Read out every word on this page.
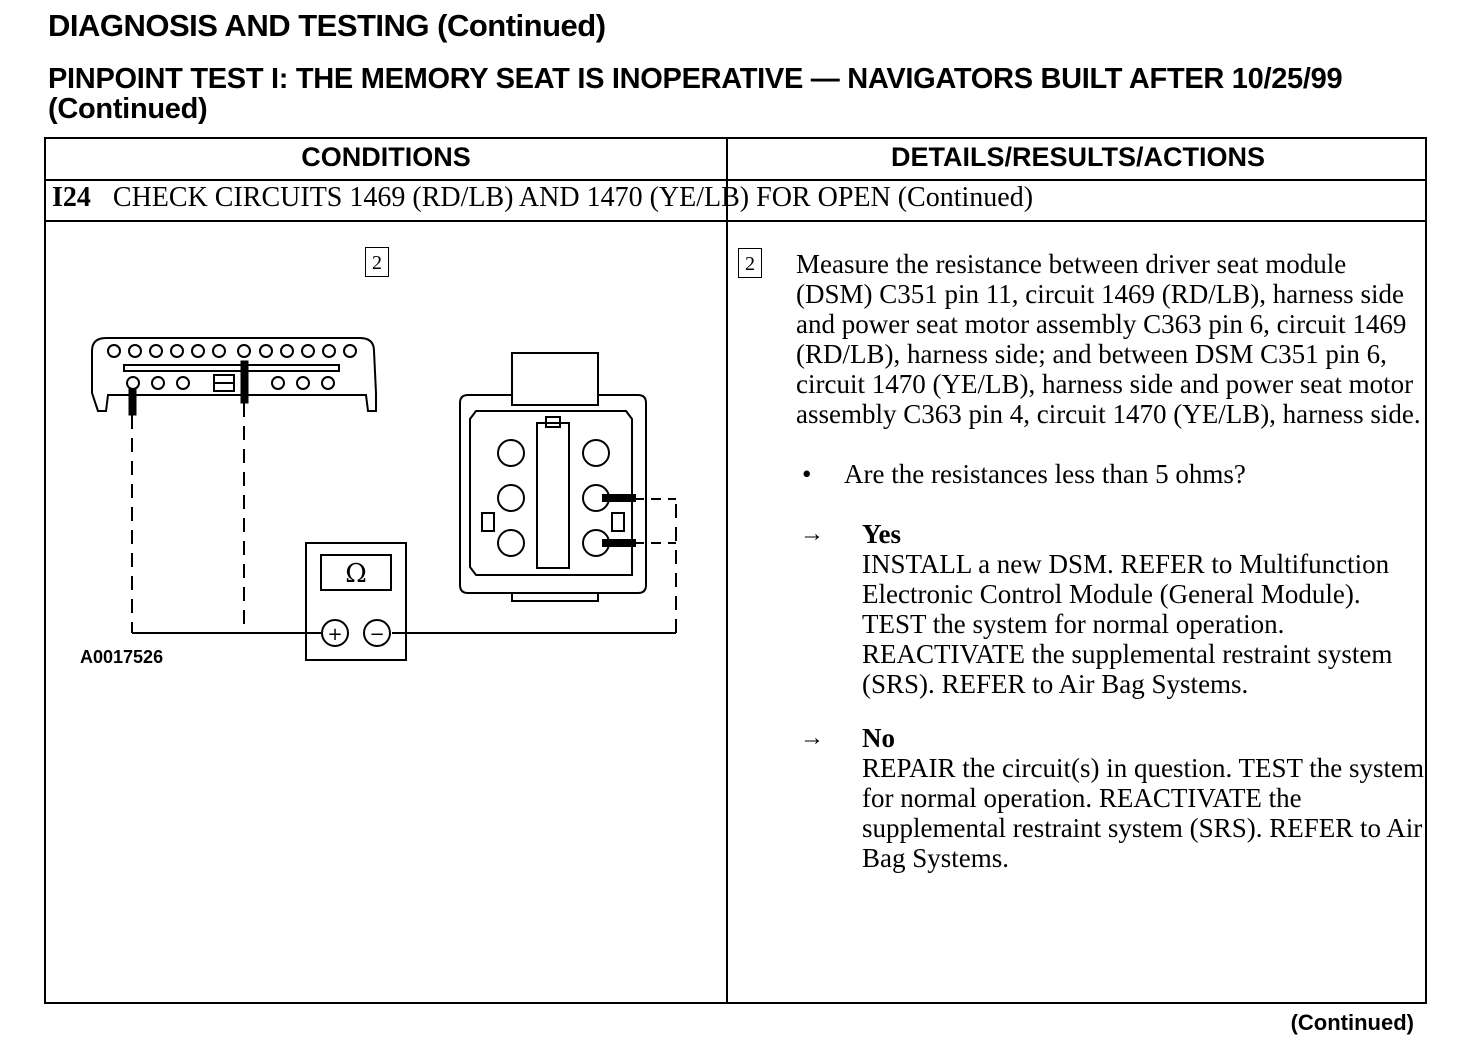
DIAGNOSIS AND TESTING (Continued)
PINPOINT TEST I: THE MEMORY SEAT IS INOPERATIVE — NAVIGATORS BUILT AFTER 10/25/99 (Continued)
CONDITIONS	DETAILS/RESULTS/ACTIONS
I24 CHECK CIRCUITS 1469 (RD/LB) AND 1470 (YE/LB) FOR OPEN (Continued)
2
Ω
+ −
A0017526
2 Measure the resistance between driver seat module (DSM) C351 pin 11, circuit 1469 (RD/LB), harness side and power seat motor assembly C363 pin 6, circuit 1469 (RD/LB), harness side; and between DSM C351 pin 6, circuit 1470 (YE/LB), harness side and power seat motor assembly C363 pin 4, circuit 1470 (YE/LB), harness side.

•	Are the resistances less than 5 ohms?
→	Yes
INSTALL a new DSM. REFER to Multifunction Electronic Control Module (General Module). TEST the system for normal operation. REACTIVATE the supplemental restraint system (SRS). REFER to Air Bag Systems.
→	No
REPAIR the circuit(s) in question. TEST the system for normal operation. REACTIVATE the supplemental restraint system (SRS). REFER to Air Bag Systems.
(Continued)
